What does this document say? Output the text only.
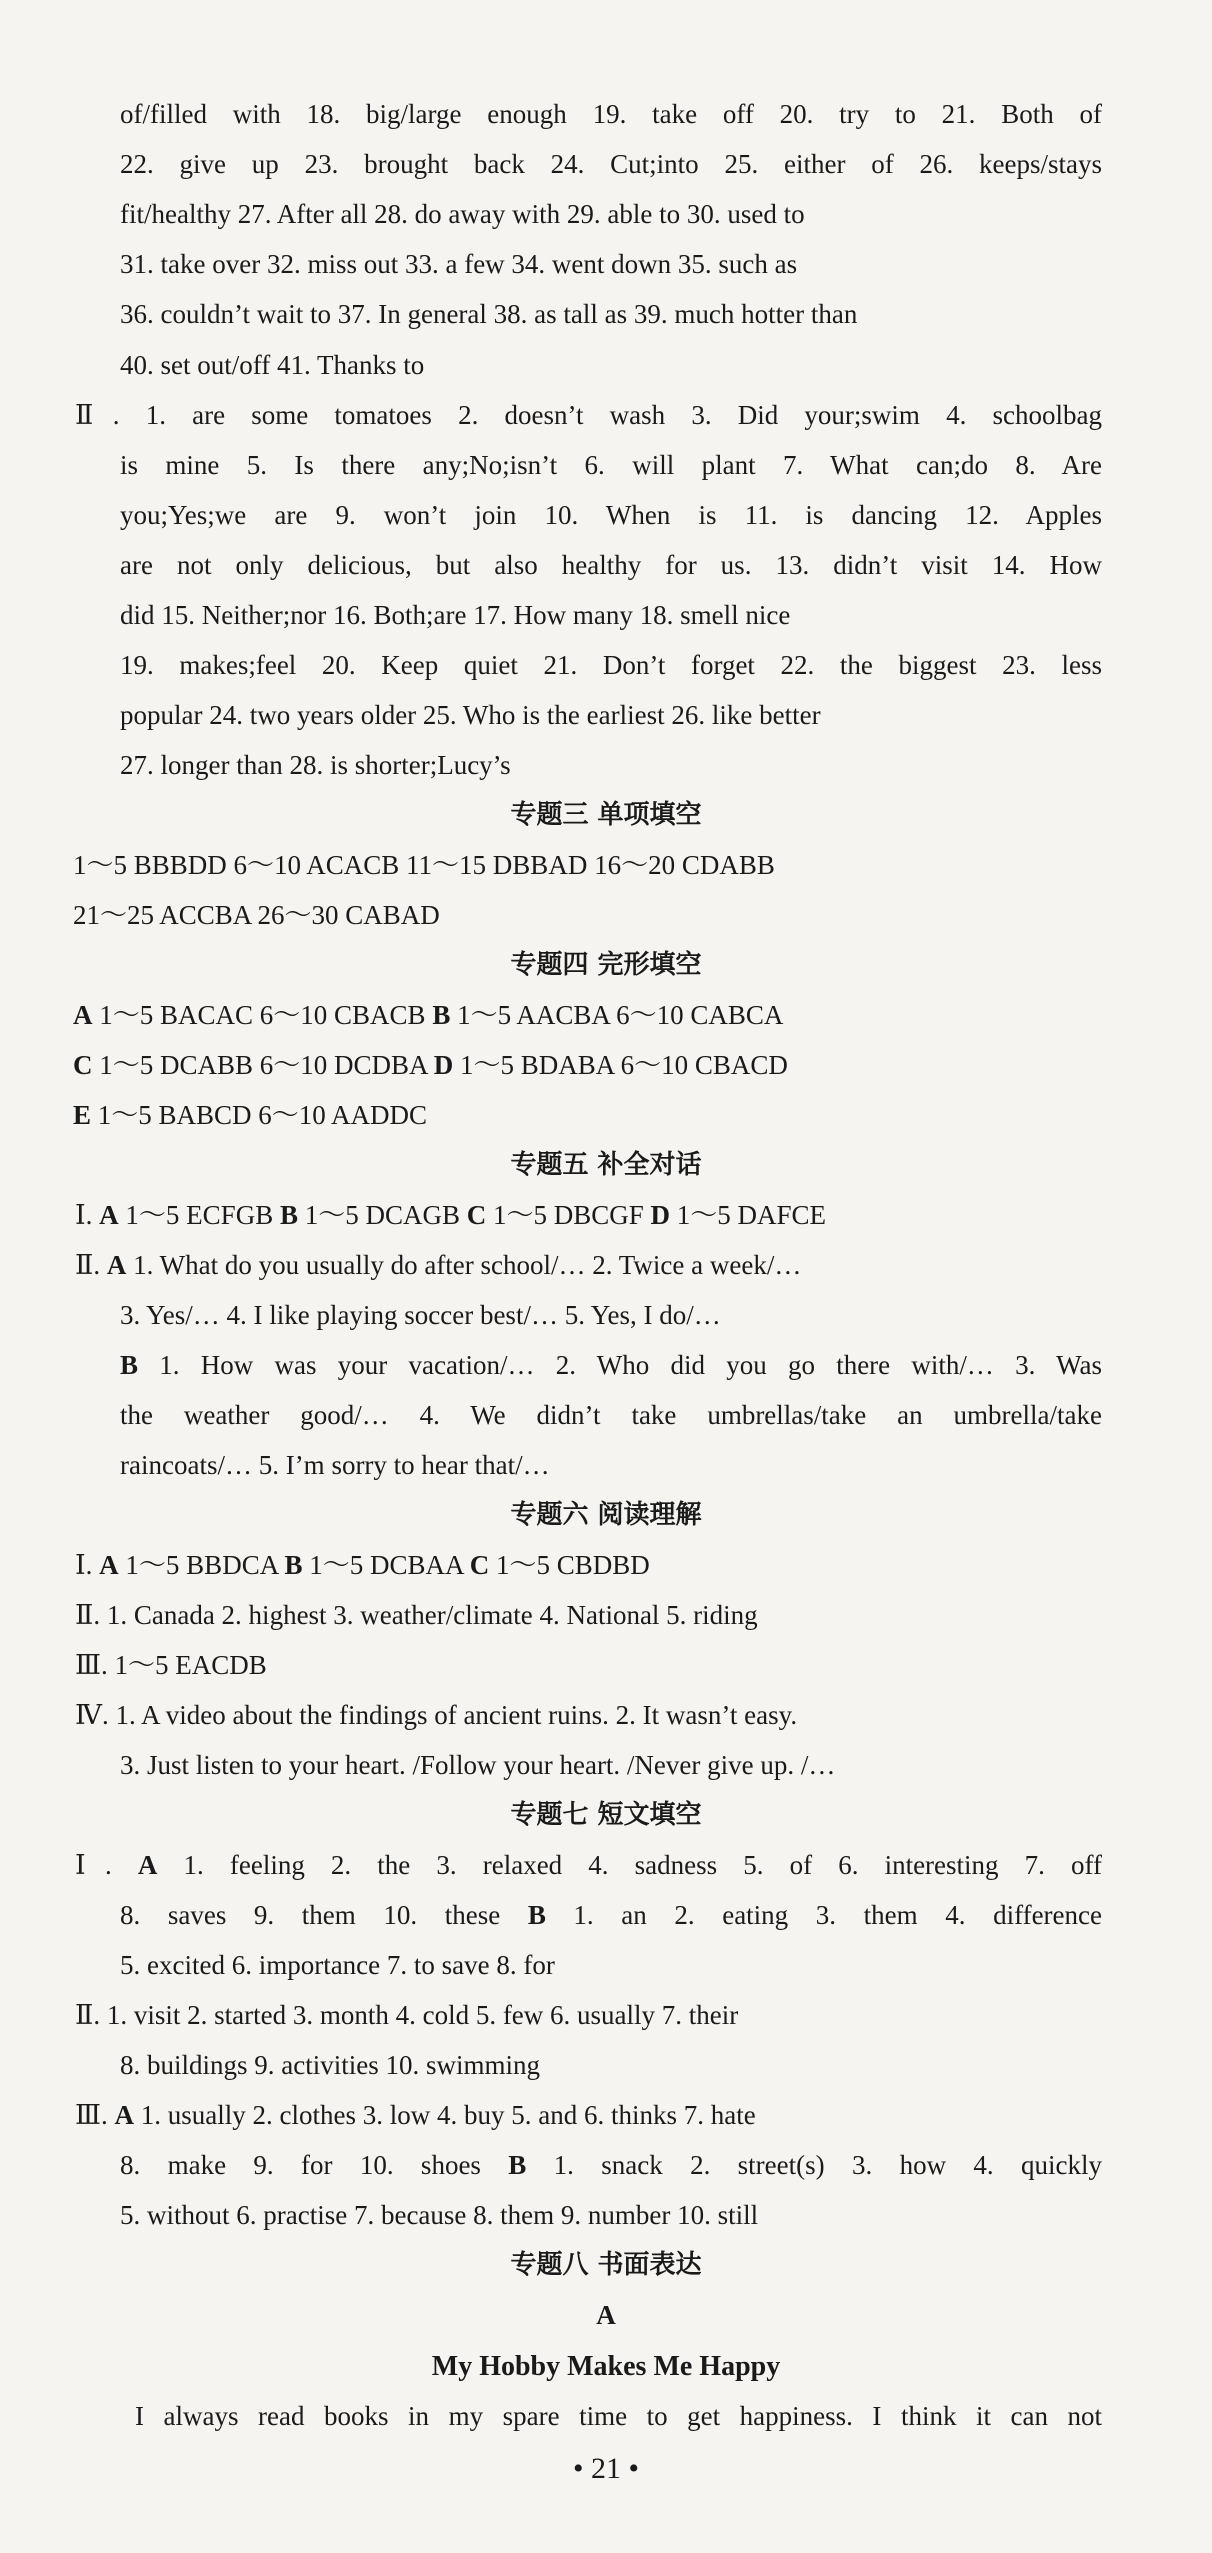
of/filled with 18. big/large enough 19. take off 20. try to 21. Both of
22. give up 23. brought back 24. Cut;into 25. either of 26. keeps/stays
fit/healthy 27. After all 28. do away with 29. able to 30. used to
31. take over 32. miss out 33. a few 34. went down 35. such as
36. couldn’t wait to 37. In general 38. as tall as 39. much hotter than
40. set out/off 41. Thanks to
Ⅱ. 1. are some tomatoes 2. doesn’t wash 3. Did your;swim 4. schoolbag
is mine 5. Is there any;No;isn’t 6. will plant 7. What can;do 8. Are
you;Yes;we are 9. won’t join 10. When is 11. is dancing 12. Apples
are not only delicious, but also healthy for us. 13. didn’t visit 14. How
did 15. Neither;nor 16. Both;are 17. How many 18. smell nice
19. makes;feel 20. Keep quiet 21. Don’t forget 22. the biggest 23. less
popular 24. two years older 25. Who is the earliest 26. like better
27. longer than 28. is shorter;Lucy’s
专题三 单项填空
1～5 BBBDD 6～10 ACACB 11～15 DBBAD 16～20 CDABB
21～25 ACCBA 26～30 CABAD
专题四 完形填空
A 1～5 BACAC 6～10 CBACB B 1～5 AACBA 6～10 CABCA
C 1～5 DCABB 6～10 DCDBA D 1～5 BDABA 6～10 CBACD
E 1～5 BABCD 6～10 AADDC
专题五 补全对话
Ⅰ. A 1～5 ECFGB B 1～5 DCAGB C 1～5 DBCGF D 1～5 DAFCE
Ⅱ. A 1. What do you usually do after school/… 2. Twice a week/…
3. Yes/… 4. I like playing soccer best/… 5. Yes, I do/…
B 1. How was your vacation/… 2. Who did you go there with/… 3. Was
the weather good/… 4. We didn’t take umbrellas/take an umbrella/take
raincoats/… 5. I’m sorry to hear that/…
专题六 阅读理解
Ⅰ. A 1～5 BBDCA B 1～5 DCBAA C 1～5 CBDBD
Ⅱ. 1. Canada 2. highest 3. weather/climate 4. National 5. riding
Ⅲ. 1～5 EACDB
Ⅳ. 1. A video about the findings of ancient ruins. 2. It wasn’t easy.
3. Just listen to your heart. /Follow your heart. /Never give up. /…
专题七 短文填空
Ⅰ. A 1. feeling 2. the 3. relaxed 4. sadness 5. of 6. interesting 7. off
8. saves 9. them 10. these B 1. an 2. eating 3. them 4. difference
5. excited 6. importance 7. to save 8. for
Ⅱ. 1. visit 2. started 3. month 4. cold 5. few 6. usually 7. their
8. buildings 9. activities 10. swimming
Ⅲ. A 1. usually 2. clothes 3. low 4. buy 5. and 6. thinks 7. hate
8. make 9. for 10. shoes B 1. snack 2. street(s) 3. how 4. quickly
5. without 6. practise 7. because 8. them 9. number 10. still
专题八 书面表达
A
My Hobby Makes Me Happy
I always read books in my spare time to get happiness. I think it can not
• 21 •
